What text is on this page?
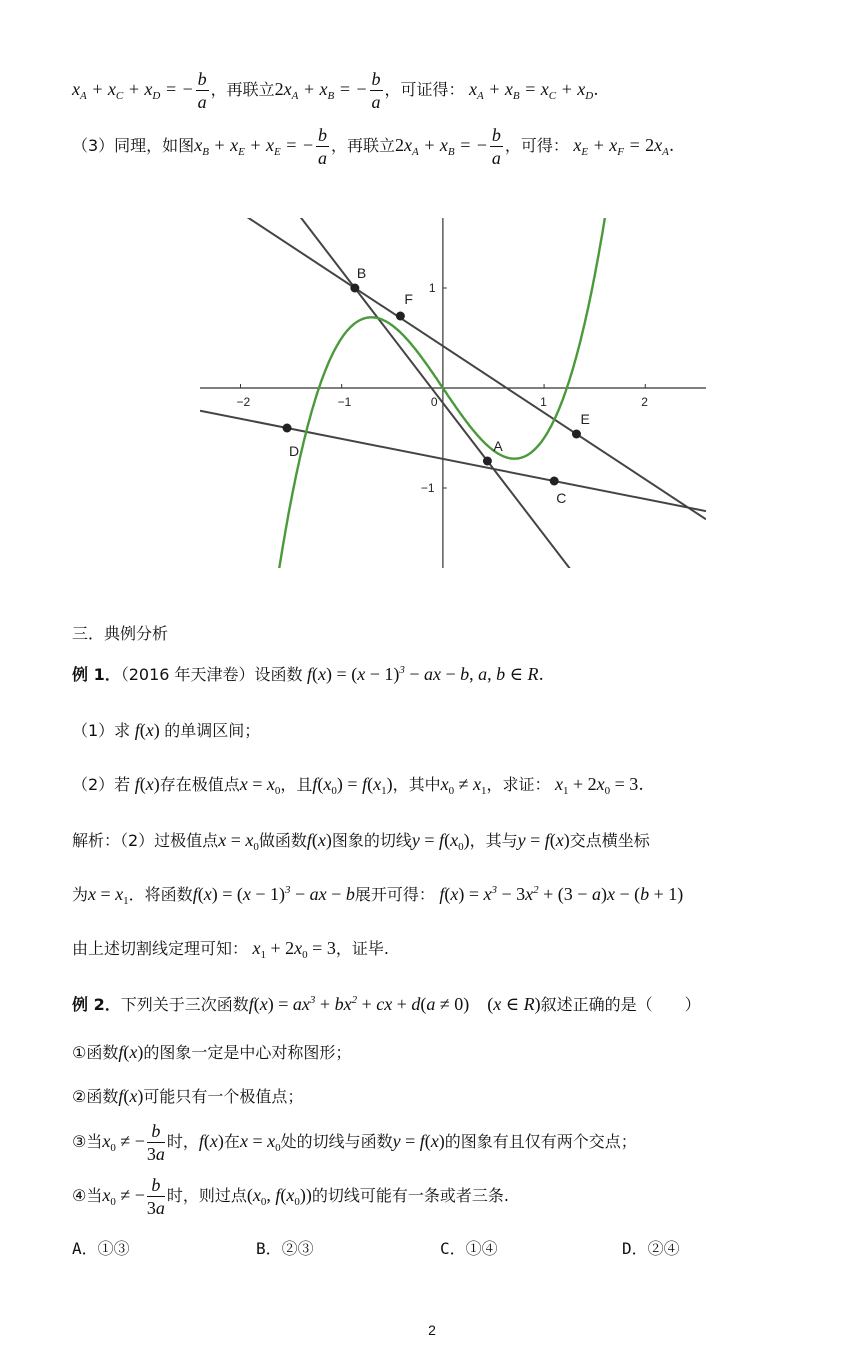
$x_A + x_C + x_D$ = − $\frac{b}{a}$ ，再联立$2x_A + x_B$ = − $\frac{b}{a}$ ，可证得： $x_A + x_B = x_C + x_D$.
（3）同理，如图$x_B + x_E + x_E$ = − $\frac{b}{a}$ ，再联立$2x_A + x_B$ = − $\frac{b}{a}$ ，可得： $x_E + x_F = 2x_A$.
−2	−1	0	1	2
1
−1
B
F
A
C
E
D
三．典例分析
例 1．（2016 年天津卷）设函数 $f(x) = (x - 1)^3$ − ax − b, a, b ∈ R.
（1）求 f(x) 的单调区间；
（2）若 f(x)存在极值点$x = x_0$，且$f(x_0) = f(x_1)$，其中$x_0 \ne x_1$，求证： $x_1 + 2x_0 = 3$.
解析：（2）过极值点$x = x_0$做函数f(x)图象的切线$y = f(x_0)$，其与y = f(x)交点横坐标
为$x = x_1$．将函数$f(x) = (x - 1)^3$ − ax − b展开可得： $f(x) = x^3 - 3x^2 + (3 - a)x - (b + 1)$
由上述切割线定理可知： $x_1 + 2x_0 = 3$，证毕.
例 2．下列关于三次函数$f(x) = ax^3 + bx^2$ + cx + d(a ≠ 0)　(x ∈ R)叙述正确的是（　　）
①函数f(x)的图象一定是中心对称图形；
②函数f(x)可能只有一个极值点；
③当$x_0$ ≠ − $\frac{b}{3a}$ 时，f(x)在$x = x_0$处的切线与函数y = f(x)的图象有且仅有两个交点；
④当$x_0$ ≠ − $\frac{b}{3a}$ 时，则过点($x_0$, $f(x_0)$)的切线可能有一条或者三条.
A．①③	B．②③	C．①④	D．②④
2
